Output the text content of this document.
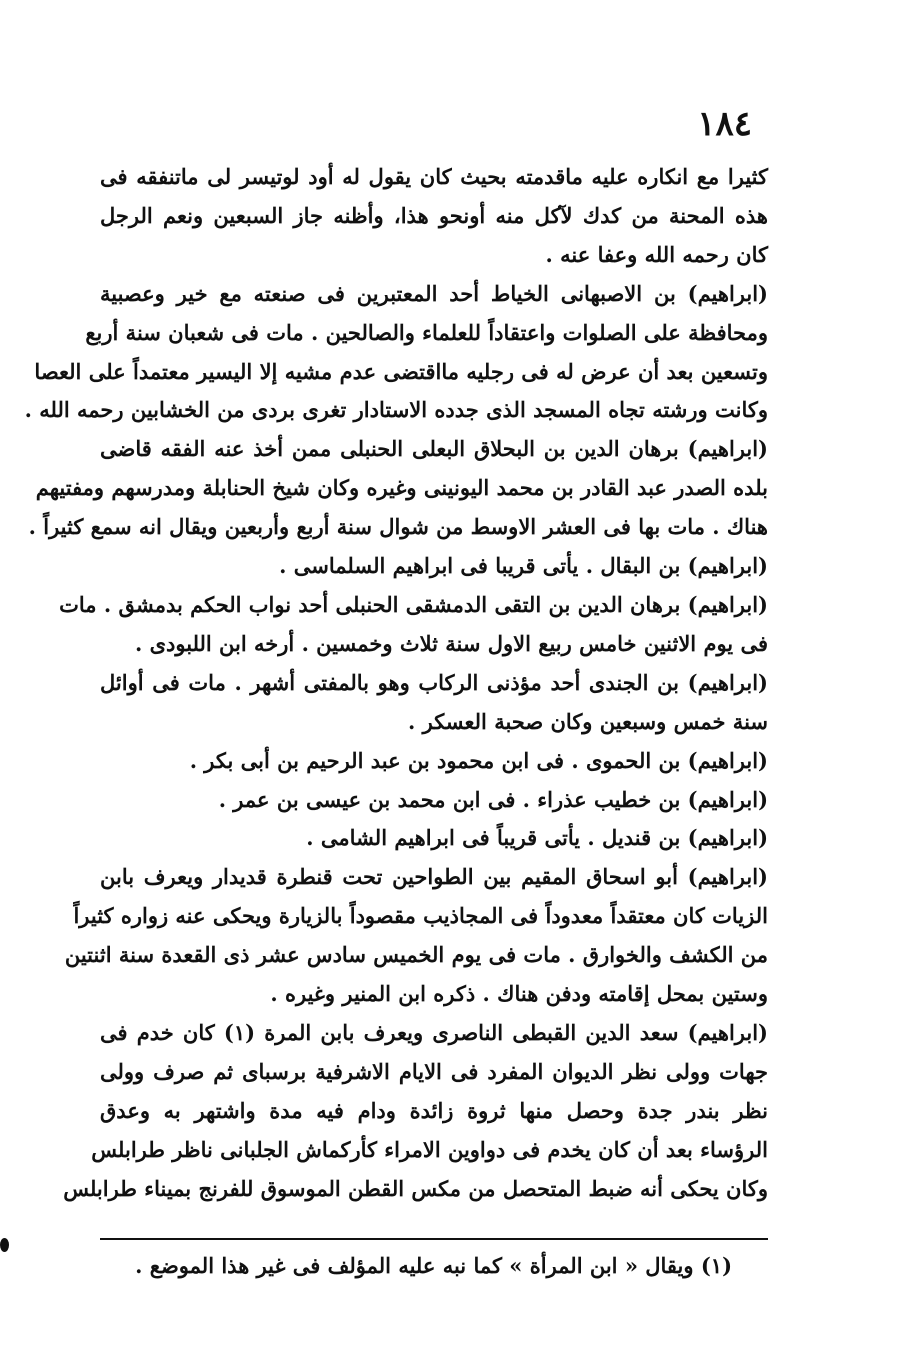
١٨٤
كثيرا مع انكاره عليه ماقدمته بحيث كان يقول له أود لوتيسر لى ماتنفقه فى
هذه المحنة من كدك لآكل منه أونحو هذا، وأظنه جاز السبعين ونعم الرجل
كان رحمه الله وعفا عنه .
(ابراهيم) بن الاصبهانى الخياط أحد المعتبرين فى صنعته مع خير وعصبية
ومحافظة على الصلوات واعتقاداً للعلماء والصالحين . مات فى شعبان سنة أربع
وتسعين بعد أن عرض له فى رجليه مااقتضى عدم مشيه إلا اليسير معتمداً على العصا
وكانت ورشته تجاه المسجد الذى جدده الاستادار تغرى بردى من الخشابين رحمه الله .
(ابراهيم) برهان الدين بن البحلاق البعلى الحنبلى ممن أخذ عنه الفقه قاضى
بلده الصدر عبد القادر بن محمد اليونينى وغيره وكان شيخ الحنابلة ومدرسهم ومفتيهم
هناك . مات بها فى العشر الاوسط من شوال سنة أربع وأربعين ويقال انه سمع كثيراً .
(ابراهيم) بن البقال . يأتى قريبا فى ابراهيم السلماسى .
(ابراهيم) برهان الدين بن التقى الدمشقى الحنبلى أحد نواب الحكم بدمشق . مات
فى يوم الاثنين خامس ربيع الاول سنة ثلاث وخمسين . أرخه ابن اللبودى .
(ابراهيم) بن الجندى أحد مؤذنى الركاب وهو بالمفتى أشهر . مات فى أوائل
سنة خمس وسبعين وكان صحبة العسكر .
(ابراهيم) بن الحموى . فى ابن محمود بن عبد الرحيم بن أبى بكر .
(ابراهيم) بن خطيب عذراء . فى ابن محمد بن عيسى بن عمر .
(ابراهيم) بن قنديل . يأتى قريباً فى ابراهيم الشامى .
(ابراهيم) أبو اسحاق المقيم بين الطواحين تحت قنطرة قديدار ويعرف بابن
الزيات كان معتقداً معدوداً فى المجاذيب مقصوداً بالزيارة ويحكى عنه زواره كثيراً
من الكشف والخوارق . مات فى يوم الخميس سادس عشر ذى القعدة سنة اثنتين
وستين بمحل إقامته ودفن هناك . ذكره ابن المنير وغيره .
(ابراهيم) سعد الدين القبطى الناصرى ويعرف بابن المرة (١) كان خدم فى
جهات وولى نظر الديوان المفرد فى الايام الاشرفية برسباى ثم صرف وولى
نظر بندر جدة وحصل منها ثروة زائدة ودام فيه مدة واشتهر به وعدق
الرؤساء بعد أن كان يخدم فى دواوين الامراء كأركماش الجلبانى ناظر طرابلس
وكان يحكى أنه ضبط المتحصل من مكس القطن الموسوق للفرنج بميناء طرابلس
(١) ويقال « ابن المرأة » كما نبه عليه المؤلف فى غير هذا الموضع .
